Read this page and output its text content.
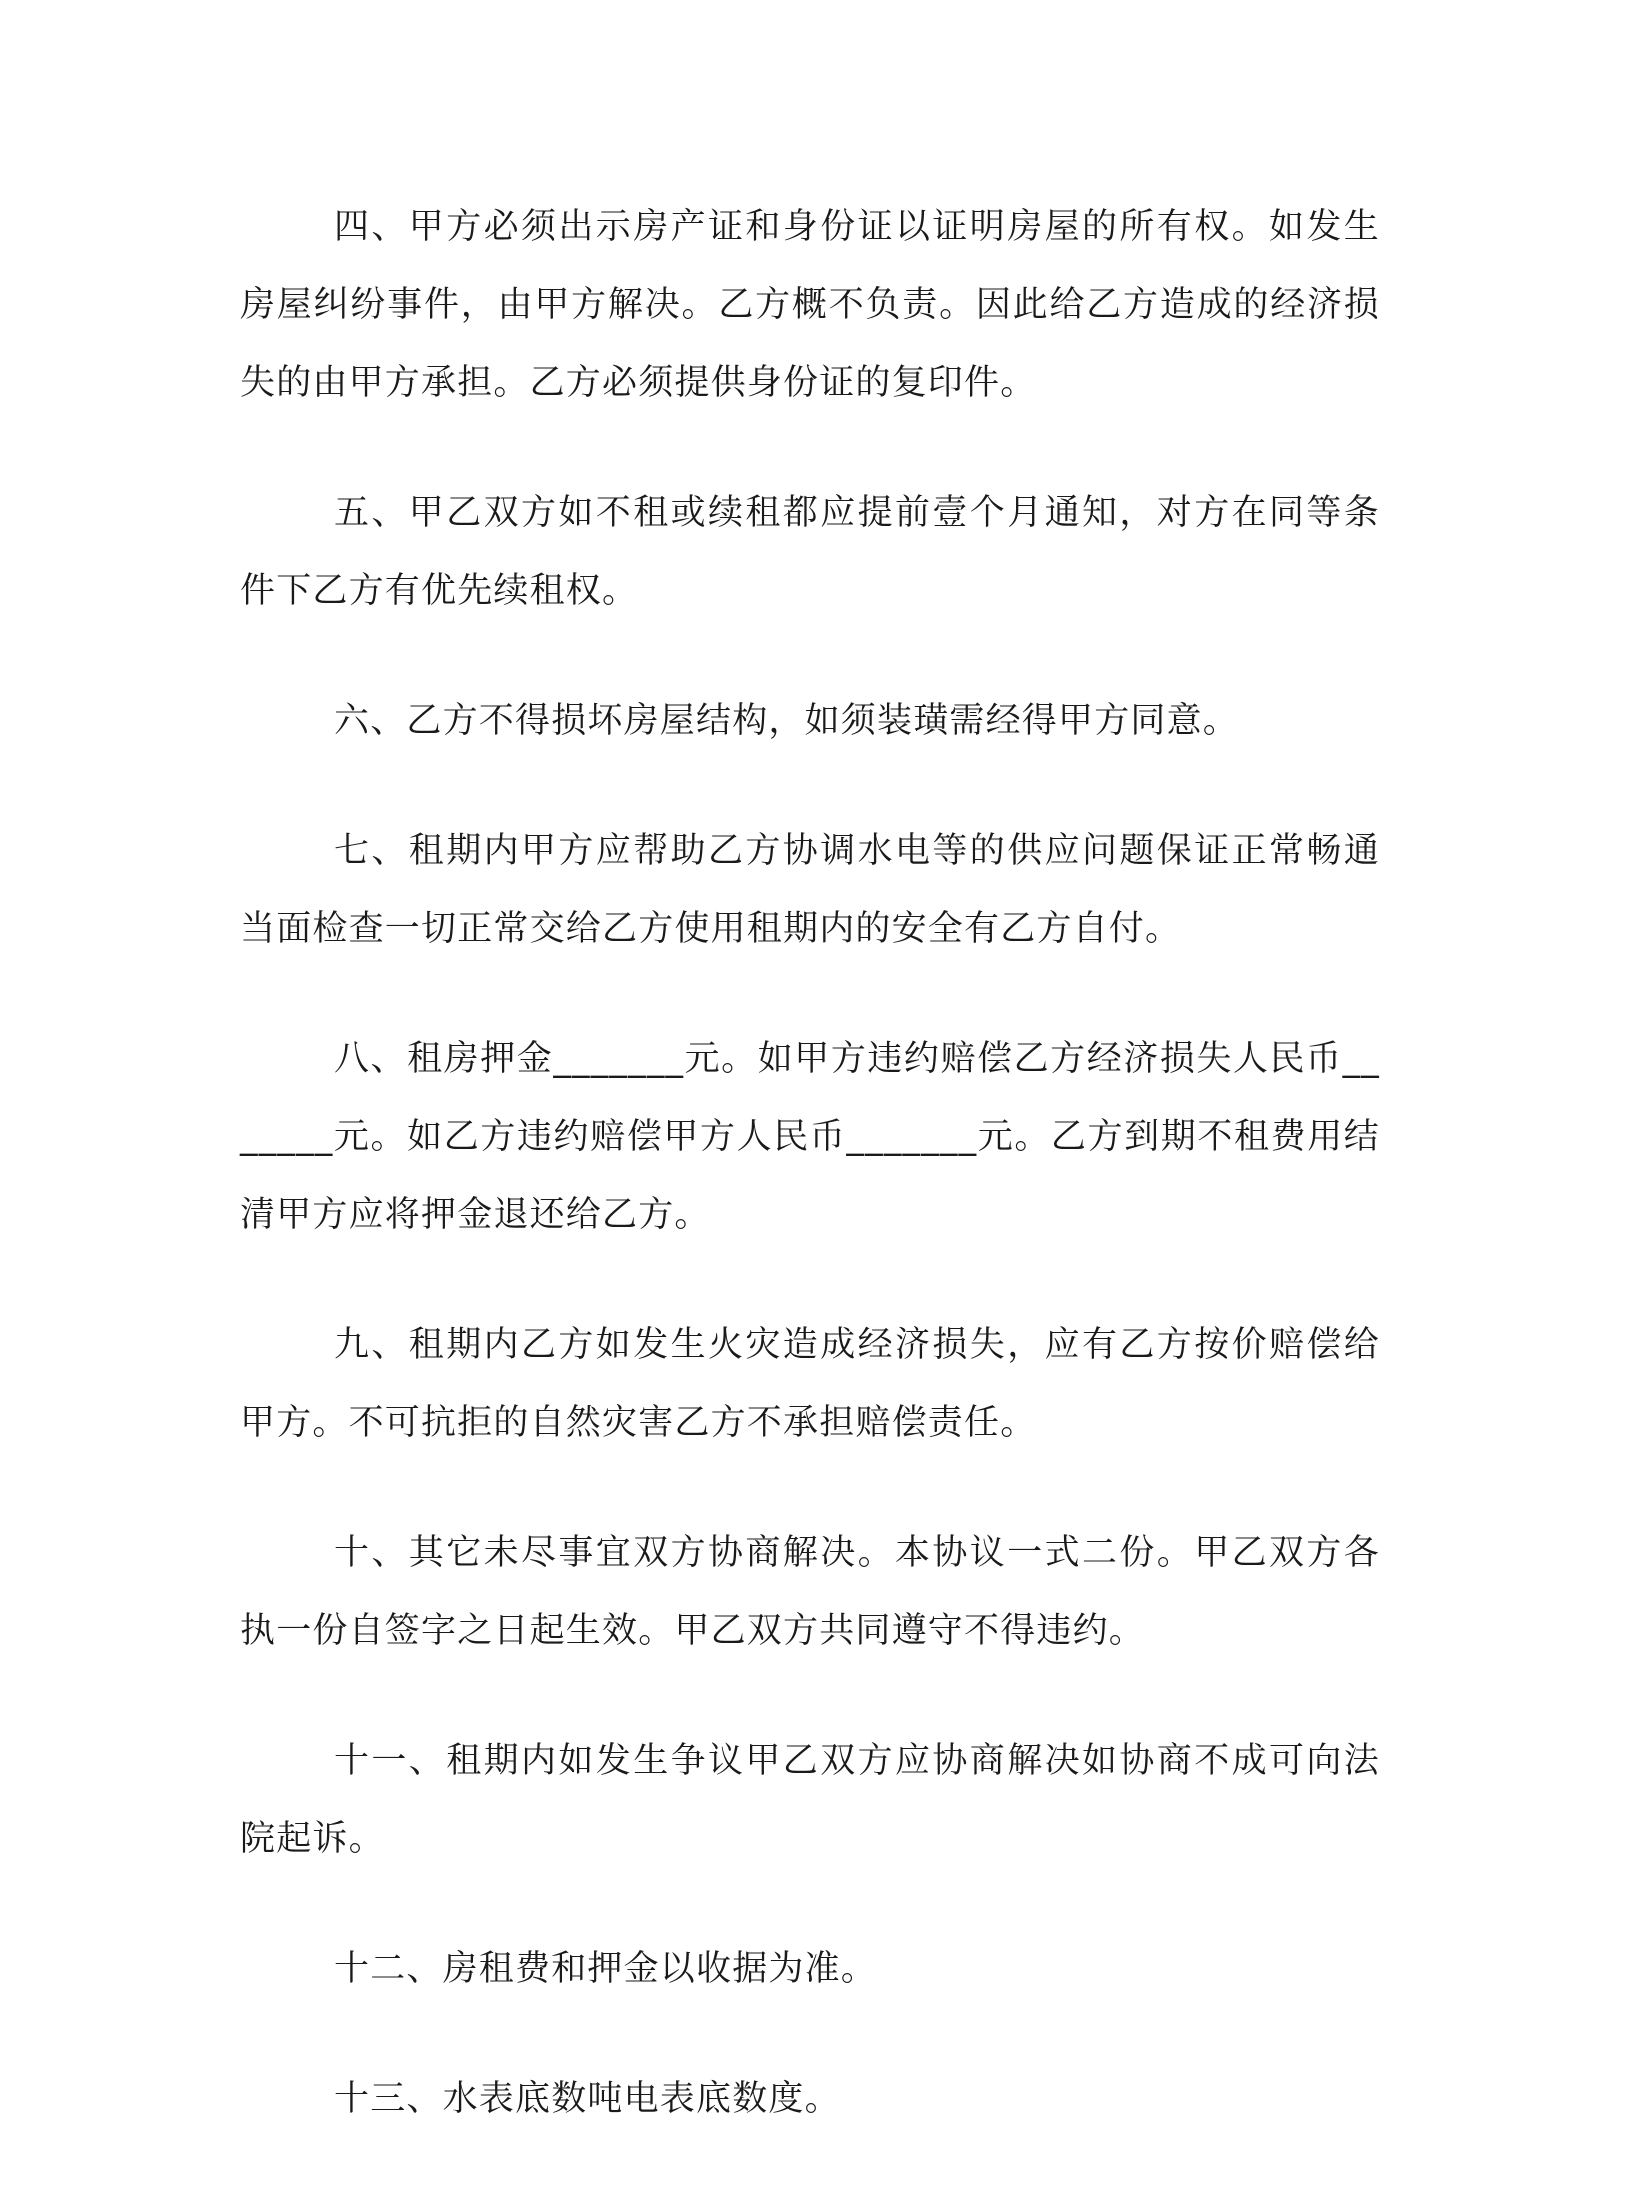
四、甲方必须出示房产证和身份证以证明房屋的所有权。如发生房屋纠纷事件，由甲方解决。乙方概不负责。因此给乙方造成的经济损失的由甲方承担。乙方必须提供身份证的复印件。

五、甲乙双方如不租或续租都应提前壹个月通知，对方在同等条件下乙方有优先续租权。

六、乙方不得损坏房屋结构，如须装璜需经得甲方同意。

七、租期内甲方应帮助乙方协调水电等的供应问题保证正常畅通当面检查一切正常交给乙方使用租期内的安全有乙方自付。

八、租房押金_______元。如甲方违约赔偿乙方经济损失人民币_______元。如乙方违约赔偿甲方人民币_______元。乙方到期不租费用结清甲方应将押金退还给乙方。

九、租期内乙方如发生火灾造成经济损失，应有乙方按价赔偿给甲方。不可抗拒的自然灾害乙方不承担赔偿责任。

十、其它未尽事宜双方协商解决。本协议一式二份。甲乙双方各执一份自签字之日起生效。甲乙双方共同遵守不得违约。

十一、租期内如发生争议甲乙双方应协商解决如协商不成可向法院起诉。

十二、房租费和押金以收据为准。

十三、水表底数吨电表底数度。
